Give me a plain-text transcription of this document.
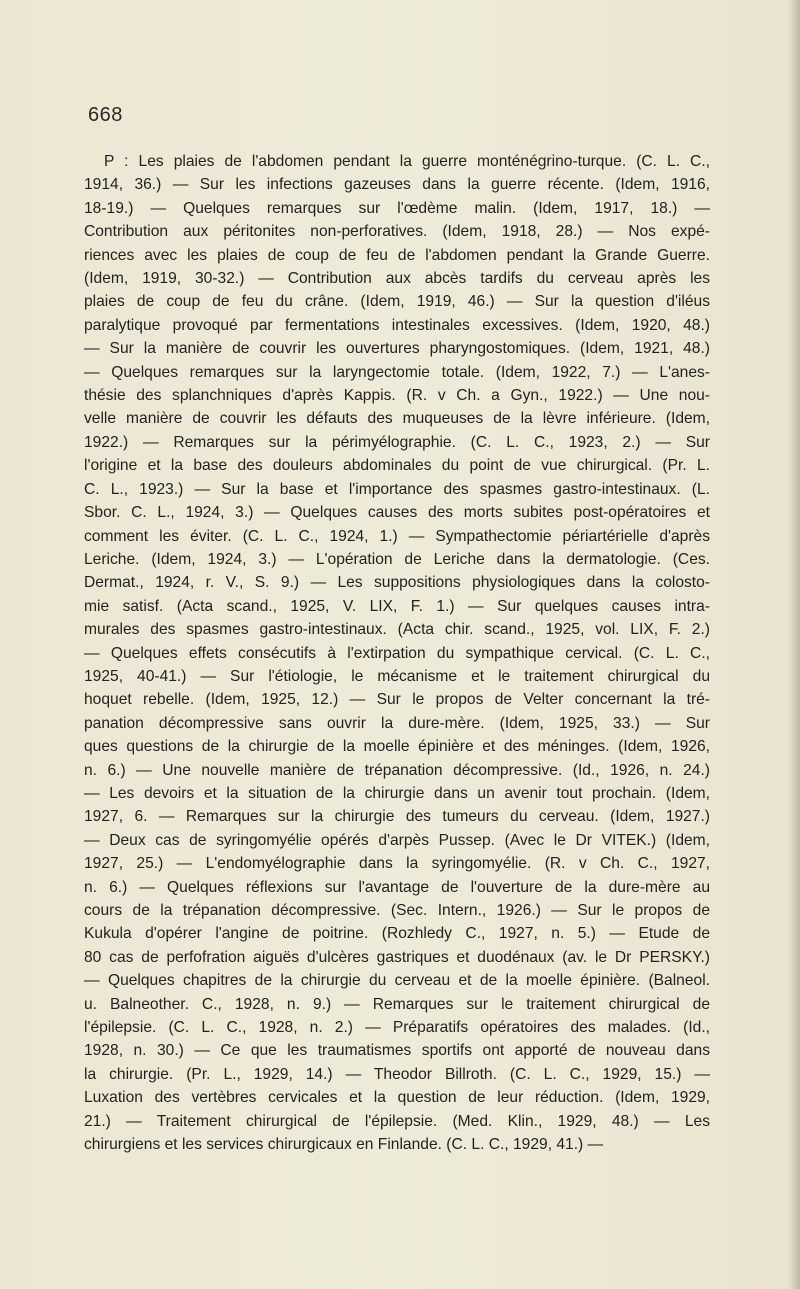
668
P : Les plaies de l'abdomen pendant la guerre monténégrino-turque. (C. L. C.,
1914, 36.) — Sur les infections gazeuses dans la guerre récente. (Idem, 1916,
18-19.) — Quelques remarques sur l'œdème malin. (Idem, 1917, 18.) —
Contribution aux péritonites non-perforatives. (Idem, 1918, 28.) — Nos expé-
riences avec les plaies de coup de feu de l'abdomen pendant la Grande Guerre.
(Idem, 1919, 30-32.) — Contribution aux abcès tardifs du cerveau après les
plaies de coup de feu du crâne. (Idem, 1919, 46.) — Sur la question d'iléus
paralytique provoqué par fermentations intestinales excessives. (Idem, 1920, 48.)
— Sur la manière de couvrir les ouvertures pharyngostomiques. (Idem, 1921, 48.)
— Quelques remarques sur la laryngectomie totale. (Idem, 1922, 7.) — L'anes-
thésie des splanchniques d'après Kappis. (R. v Ch. a Gyn., 1922.) — Une nou-
velle manière de couvrir les défauts des muqueuses de la lèvre inférieure. (Idem,
1922.) — Remarques sur la périmyélographie. (C. L. C., 1923, 2.) — Sur
l'origine et la base des douleurs abdominales du point de vue chirurgical. (Pr. L.
C. L., 1923.) — Sur la base et l'importance des spasmes gastro-intestinaux. (L.
Sbor. C. L., 1924, 3.) — Quelques causes des morts subites post-opératoires et
comment les éviter. (C. L. C., 1924, 1.) — Sympathectomie périartérielle d'après
Leriche. (Idem, 1924, 3.) — L'opération de Leriche dans la dermatologie. (Ces.
Dermat., 1924, r. V., S. 9.) — Les suppositions physiologiques dans la colosto-
mie satisf. (Acta scand., 1925, V. LIX, F. 1.) — Sur quelques causes intra-
murales des spasmes gastro-intestinaux. (Acta chir. scand., 1925, vol. LIX, F. 2.)
— Quelques effets consécutifs à l'extirpation du sympathique cervical. (C. L. C.,
1925, 40-41.) — Sur l'étiologie, le mécanisme et le traitement chirurgical du
hoquet rebelle. (Idem, 1925, 12.) — Sur le propos de Velter concernant la tré-
panation décompressive sans ouvrir la dure-mère. (Idem, 1925, 33.) — Sur
ques questions de la chirurgie de la moelle épinière et des méninges. (Idem, 1926,
n. 6.) — Une nouvelle manière de trépanation décompressive. (Id., 1926, n. 24.)
— Les devoirs et la situation de la chirurgie dans un avenir tout prochain. (Idem,
1927, 6. — Remarques sur la chirurgie des tumeurs du cerveau. (Idem, 1927.)
— Deux cas de syringomyélie opérés d'arpès Pussep. (Avec le Dr VITEK.) (Idem,
1927, 25.) — L'endomyélographie dans la syringomyélie. (R. v Ch. C., 1927,
n. 6.) — Quelques réflexions sur l'avantage de l'ouverture de la dure-mère au
cours de la trépanation décompressive. (Sec. Intern., 1926.) — Sur le propos de
Kukula d'opérer l'angine de poitrine. (Rozhledy C., 1927, n. 5.) — Etude de
80 cas de perfofration aiguës d'ulcères gastriques et duodénaux (av. le Dr PERSKY.)
— Quelques chapitres de la chirurgie du cerveau et de la moelle épinière. (Balneol.
u. Balneother. C., 1928, n. 9.) — Remarques sur le traitement chirurgical de
l'épilepsie. (C. L. C., 1928, n. 2.) — Préparatifs opératoires des malades. (Id.,
1928, n. 30.) — Ce que les traumatismes sportifs ont apporté de nouveau dans
la chirurgie. (Pr. L., 1929, 14.) — Theodor Billroth. (C. L. C., 1929, 15.) —
Luxation des vertèbres cervicales et la question de leur réduction. (Idem, 1929,
21.) — Traitement chirurgical de l'épilepsie. (Med. Klin., 1929, 48.) — Les
chirurgiens et les services chirurgicaux en Finlande. (C. L. C., 1929, 41.) —
